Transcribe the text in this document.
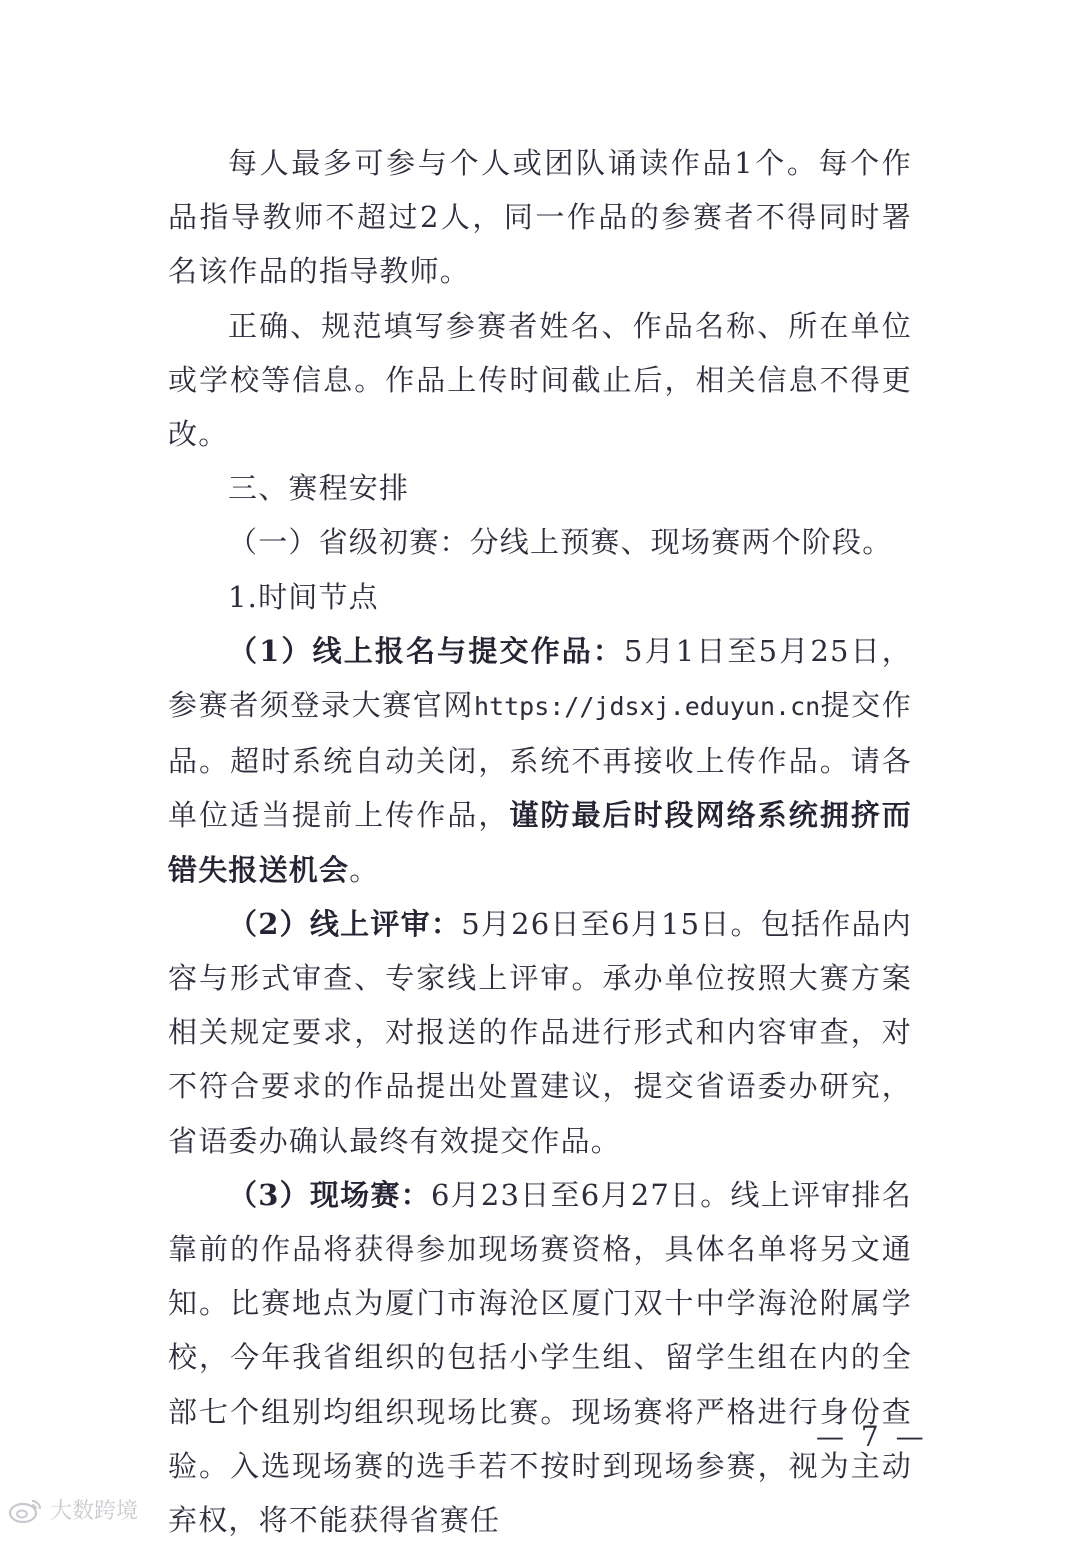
每人最多可参与个人或团队诵读作品1个。每个作品指导教师不超过2人，同一作品的参赛者不得同时署名该作品的指导教师。

正确、规范填写参赛者姓名、作品名称、所在单位或学校等信息。作品上传时间截止后，相关信息不得更改。

三、赛程安排

（一）省级初赛：分线上预赛、现场赛两个阶段。

1.时间节点

（1）线上报名与提交作品：5月1日至5月25日，参赛者须登录大赛官网https://jdsxj.eduyun.cn提交作品。超时系统自动关闭，系统不再接收上传作品。请各单位适当提前上传作品，谨防最后时段网络系统拥挤而错失报送机会。

（2）线上评审：5月26日至6月15日。包括作品内容与形式审查、专家线上评审。承办单位按照大赛方案相关规定要求，对报送的作品进行形式和内容审查，对不符合要求的作品提出处置建议，提交省语委办研究，省语委办确认最终有效提交作品。

（3）现场赛：6月23日至6月27日。线上评审排名靠前的作品将获得参加现场赛资格，具体名单将另文通知。比赛地点为厦门市海沧区厦门双十中学海沧附属学校，今年我省组织的包括小学生组、留学生组在内的全部七个组别均组织现场比赛。现场赛将严格进行身份查验。入选现场赛的选手若不按时到现场参赛，视为主动弃权，将不能获得省赛任

— 7 —
大数跨境
